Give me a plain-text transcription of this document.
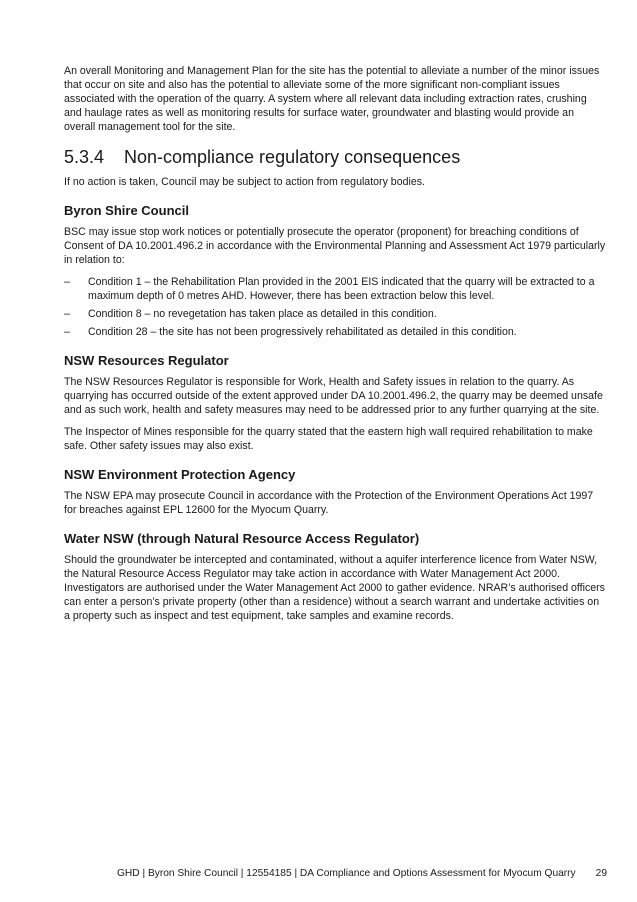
An overall Monitoring and Management Plan for the site has the potential to alleviate a number of the minor issues that occur on site and also has the potential to alleviate some of the more significant non-compliant issues associated with the operation of the quarry. A system where all relevant data including extraction rates, crushing and haulage rates as well as monitoring results for surface water, groundwater and blasting would provide an overall management tool for the site.

5.3.4	Non-compliance regulatory consequences

If no action is taken, Council may be subject to action from regulatory bodies.

Byron Shire Council

BSC may issue stop work notices or potentially prosecute the operator (proponent) for breaching conditions of Consent of DA 10.2001.496.2 in accordance with the Environmental Planning and Assessment Act 1979 particularly in relation to:

– Condition 1 – the Rehabilitation Plan provided in the 2001 EIS indicated that the quarry will be extracted to a maximum depth of 0 metres AHD. However, there has been extraction below this level.
– Condition 8 – no revegetation has taken place as detailed in this condition.
– Condition 28 – the site has not been progressively rehabilitated as detailed in this condition.
NSW Resources Regulator

The NSW Resources Regulator is responsible for Work, Health and Safety issues in relation to the quarry. As quarrying has occurred outside of the extent approved under DA 10.2001.496.2, the quarry may be deemed unsafe and as such work, health and safety measures may need to be addressed prior to any further quarrying at the site.

The Inspector of Mines responsible for the quarry stated that the eastern high wall required rehabilitation to make safe. Other safety issues may also exist.

NSW Environment Protection Agency

The NSW EPA may prosecute Council in accordance with the Protection of the Environment Operations Act 1997 for breaches against EPL 12600 for the Myocum Quarry.

Water NSW (through Natural Resource Access Regulator)

Should the groundwater be intercepted and contaminated, without a aquifer interference licence from Water NSW, the Natural Resource Access Regulator may take action in accordance with Water Management Act 2000. Investigators are authorised under the Water Management Act 2000 to gather evidence. NRAR’s authorised officers can enter a person’s private property (other than a residence) without a search warrant and undertake activities on a property such as inspect and test equipment, take samples and examine records.

GHD | Byron Shire Council | 12554185 | DA Compliance and Options Assessment for Myocum Quarry 29
